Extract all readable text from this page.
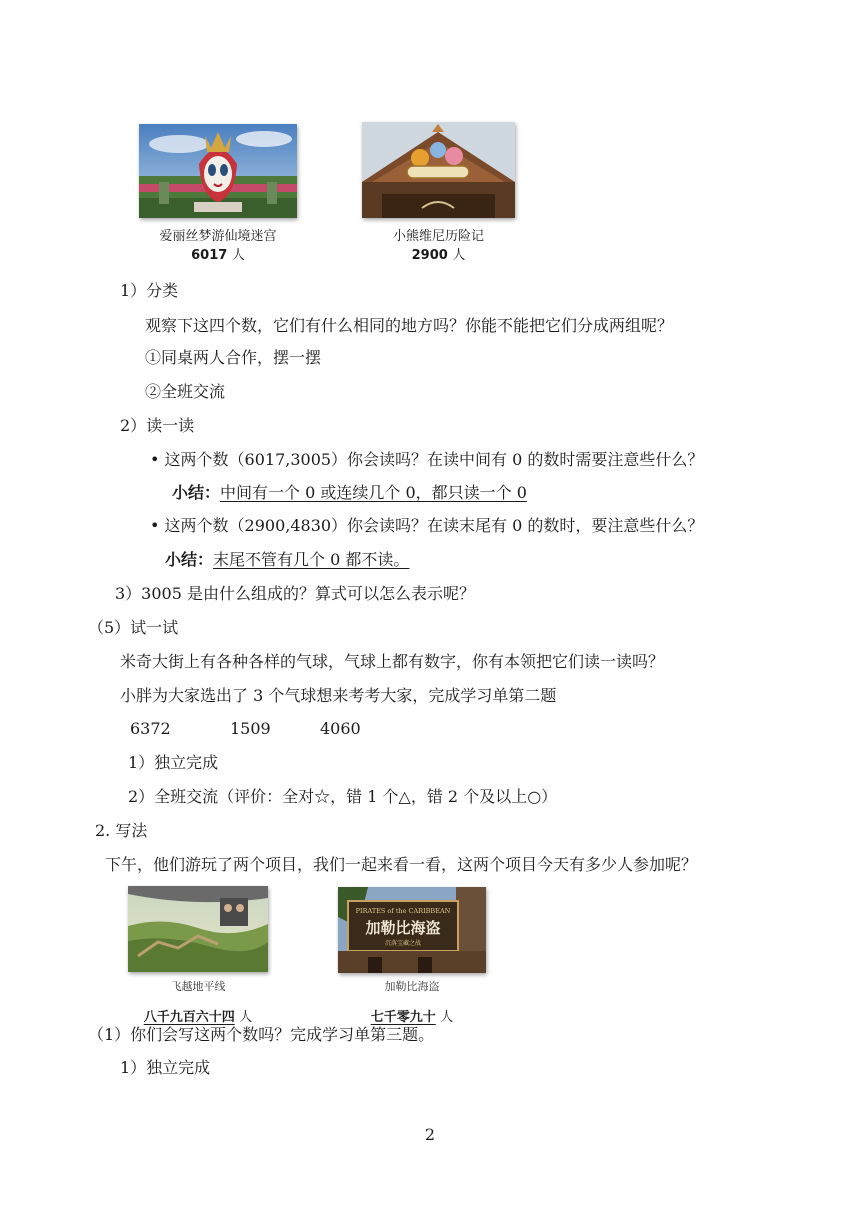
爱丽丝梦游仙境迷宫
6017 人
小熊维尼历险记
2900 人
1）分类
观察下这四个数，它们有什么相同的地方吗？你能不能把它们分成两组呢？
①同桌两人合作，摆一摆
②全班交流
2）读一读
• 这两个数（6017,3005）你会读吗？在读中间有 0 的数时需要注意些什么？
小结：中间有一个 0 或连续几个 0，都只读一个 0
• 这两个数（2900,4830）你会读吗？在读末尾有 0 的数时，要注意些什么？
小结：末尾不管有几个 0 都不读。
3）3005 是由什么组成的？算式可以怎么表示呢？
（5）试一试
米奇大街上有各种各样的气球，气球上都有数字，你有本领把它们读一读吗？
小胖为大家选出了 3 个气球想来考考大家，完成学习单第二题
6372	1509	4060
1）独立完成
2）全班交流（评价：全对☆，错 1 个△，错 2 个及以上○）
2. 写法
下午，他们游玩了两个项目，我们一起来看一看，这两个项目今天有多少人参加呢？
飞越地平线
八千九百六十四 人
PIRATES of the CARIBBEAN
加勒比海盗
沉落宝藏之战
加勒比海盗
七千零九十 人
（1）你们会写这两个数吗？完成学习单第三题。
1）独立完成
2
